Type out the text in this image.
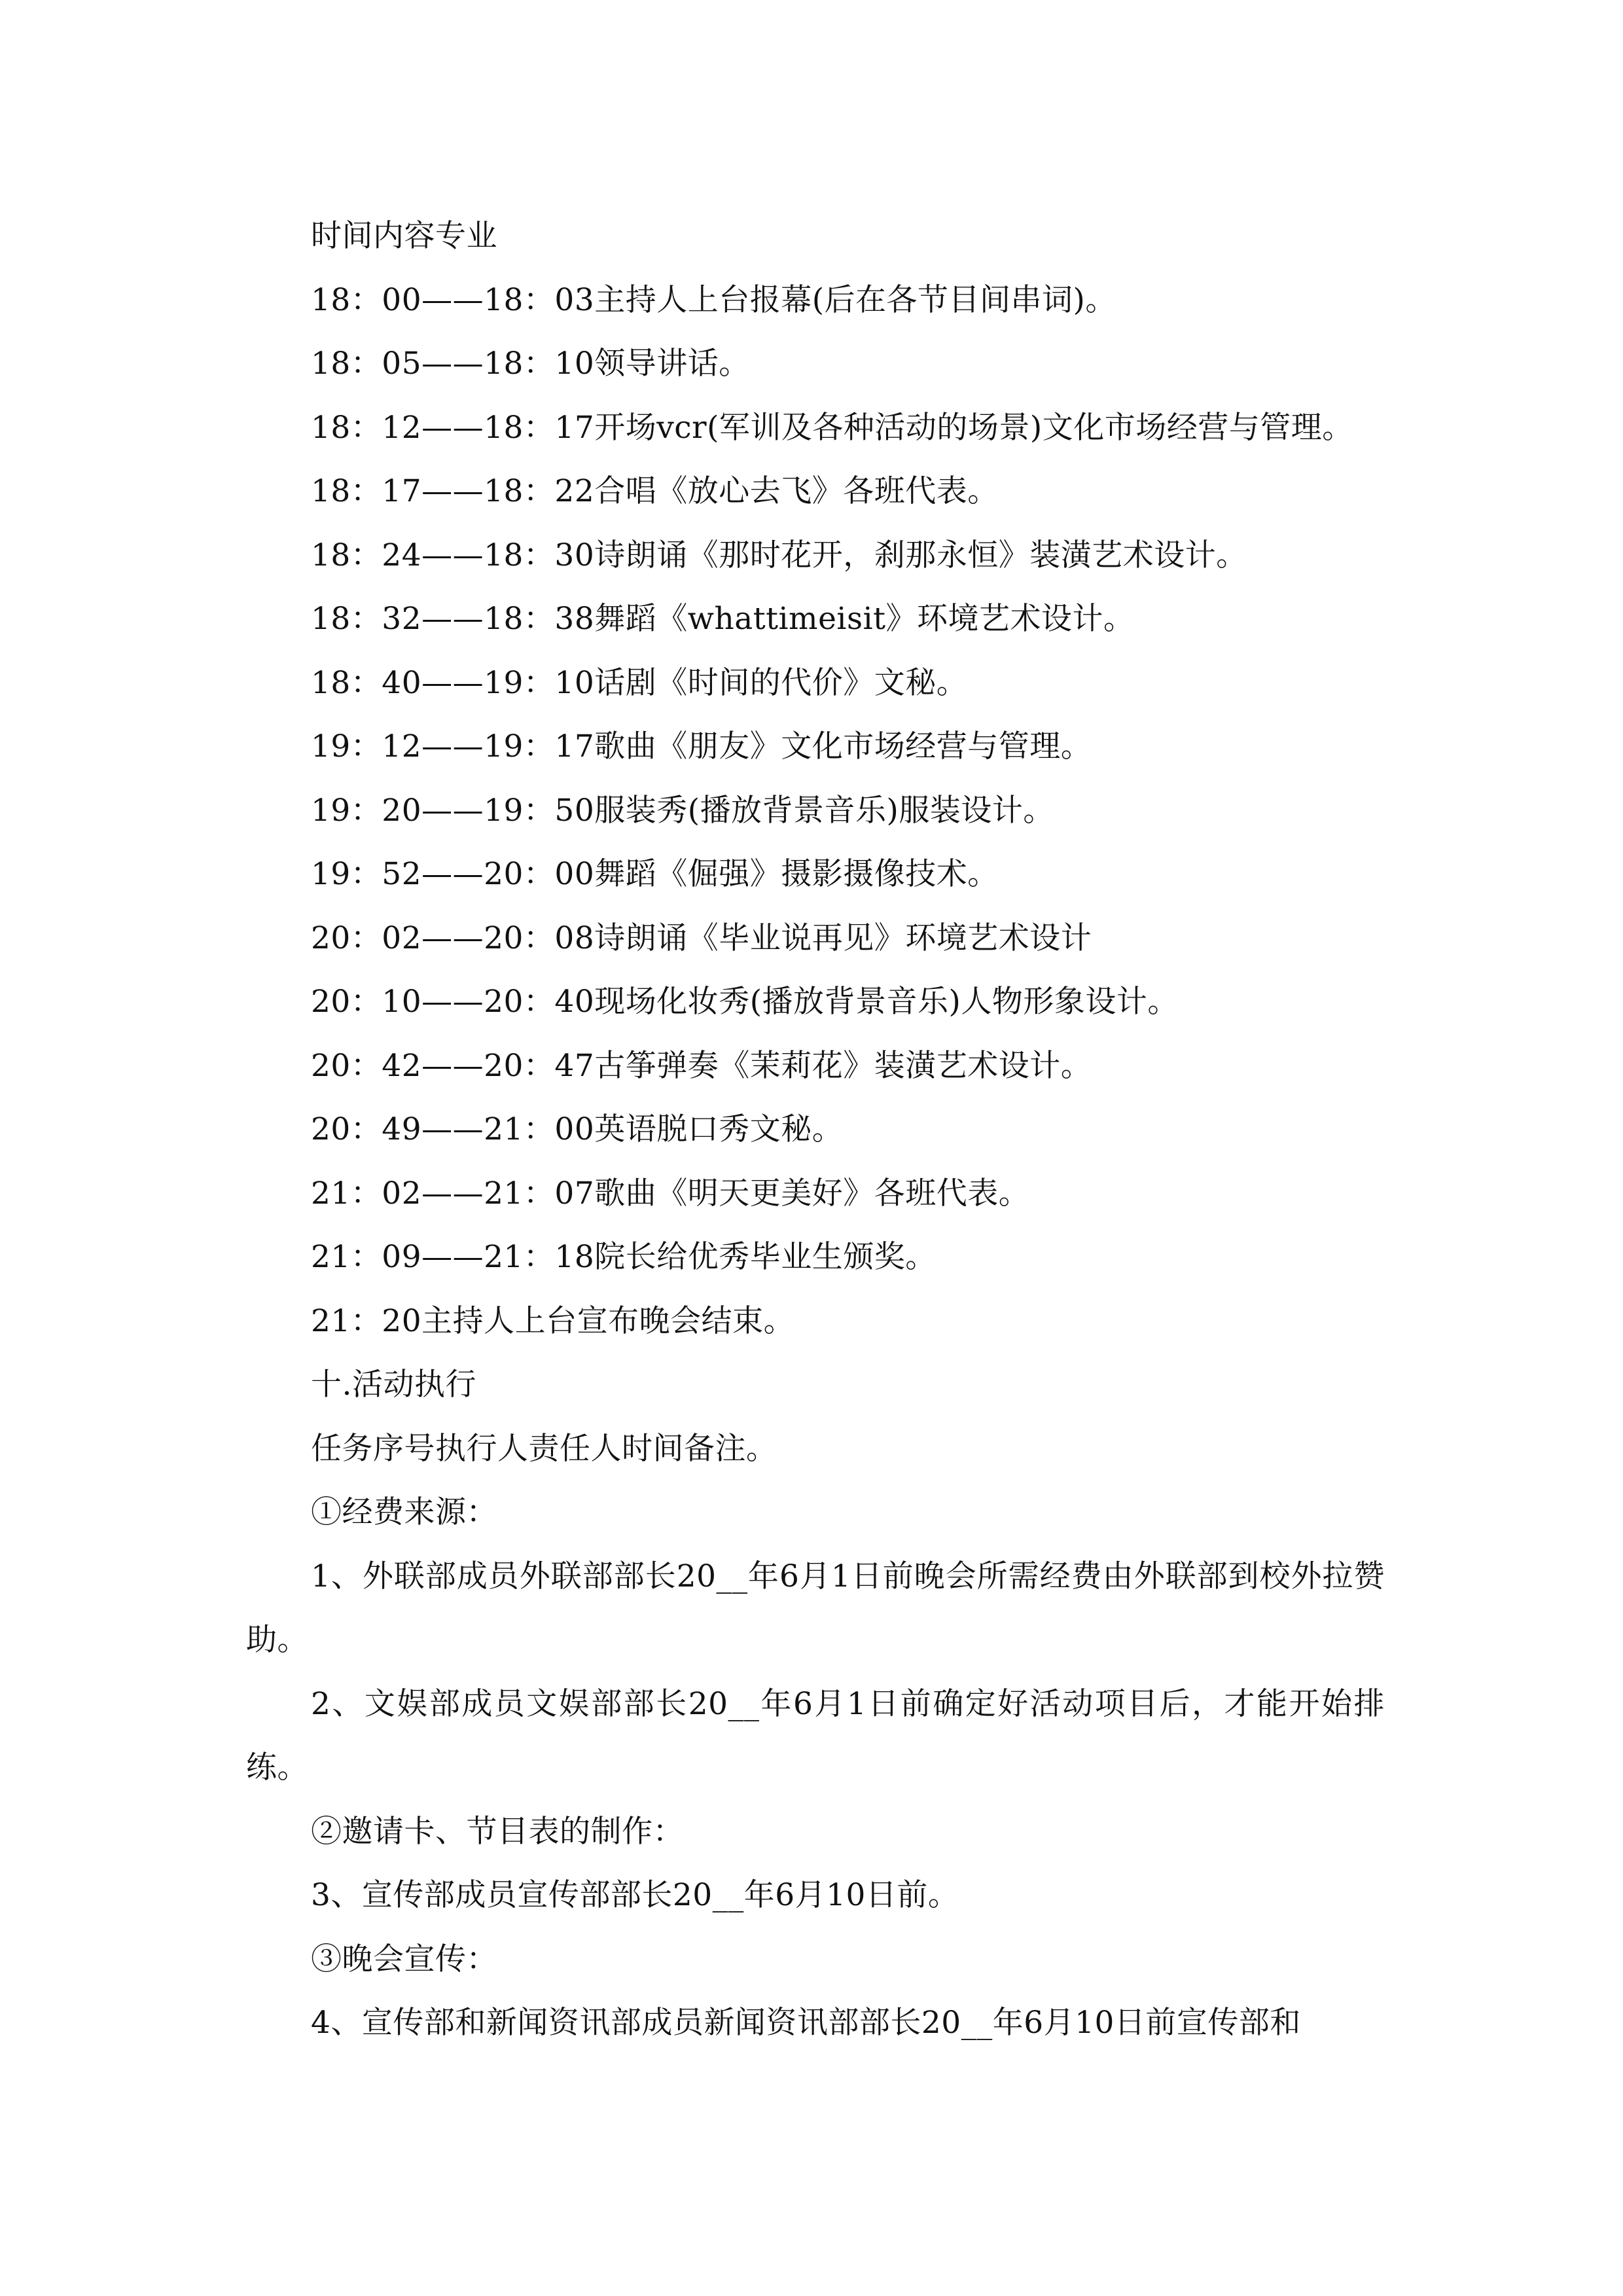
时间内容专业
18：00——18：03主持人上台报幕(后在各节目间串词)。
18：05——18：10领导讲话。
18：12——18：17开场vcr(军训及各种活动的场景)文化市场经营与管理。
18：17——18：22合唱《放心去飞》各班代表。
18：24——18：30诗朗诵《那时花开，刹那永恒》装潢艺术设计。
18：32——18：38舞蹈《whattimeisit》环境艺术设计。
18：40——19：10话剧《时间的代价》文秘。
19：12——19：17歌曲《朋友》文化市场经营与管理。
19：20——19：50服装秀(播放背景音乐)服装设计。
19：52——20：00舞蹈《倔强》摄影摄像技术。
20：02——20：08诗朗诵《毕业说再见》环境艺术设计
20：10——20：40现场化妆秀(播放背景音乐)人物形象设计。
20：42——20：47古筝弹奏《茉莉花》装潢艺术设计。
20：49——21：00英语脱口秀文秘。
21：02——21：07歌曲《明天更美好》各班代表。
21：09——21：18院长给优秀毕业生颁奖。
21：20主持人上台宣布晚会结束。
十.活动执行
任务序号执行人责任人时间备注。
①经费来源：
1、外联部成员外联部部长20__年6月1日前晚会所需经费由外联部到校外拉赞助。
2、文娱部成员文娱部部长20__年6月1日前确定好活动项目后，才能开始排练。
②邀请卡、节目表的制作：
3、宣传部成员宣传部部长20__年6月10日前。
③晚会宣传：
4、宣传部和新闻资讯部成员新闻资讯部部长20__年6月10日前宣传部和
